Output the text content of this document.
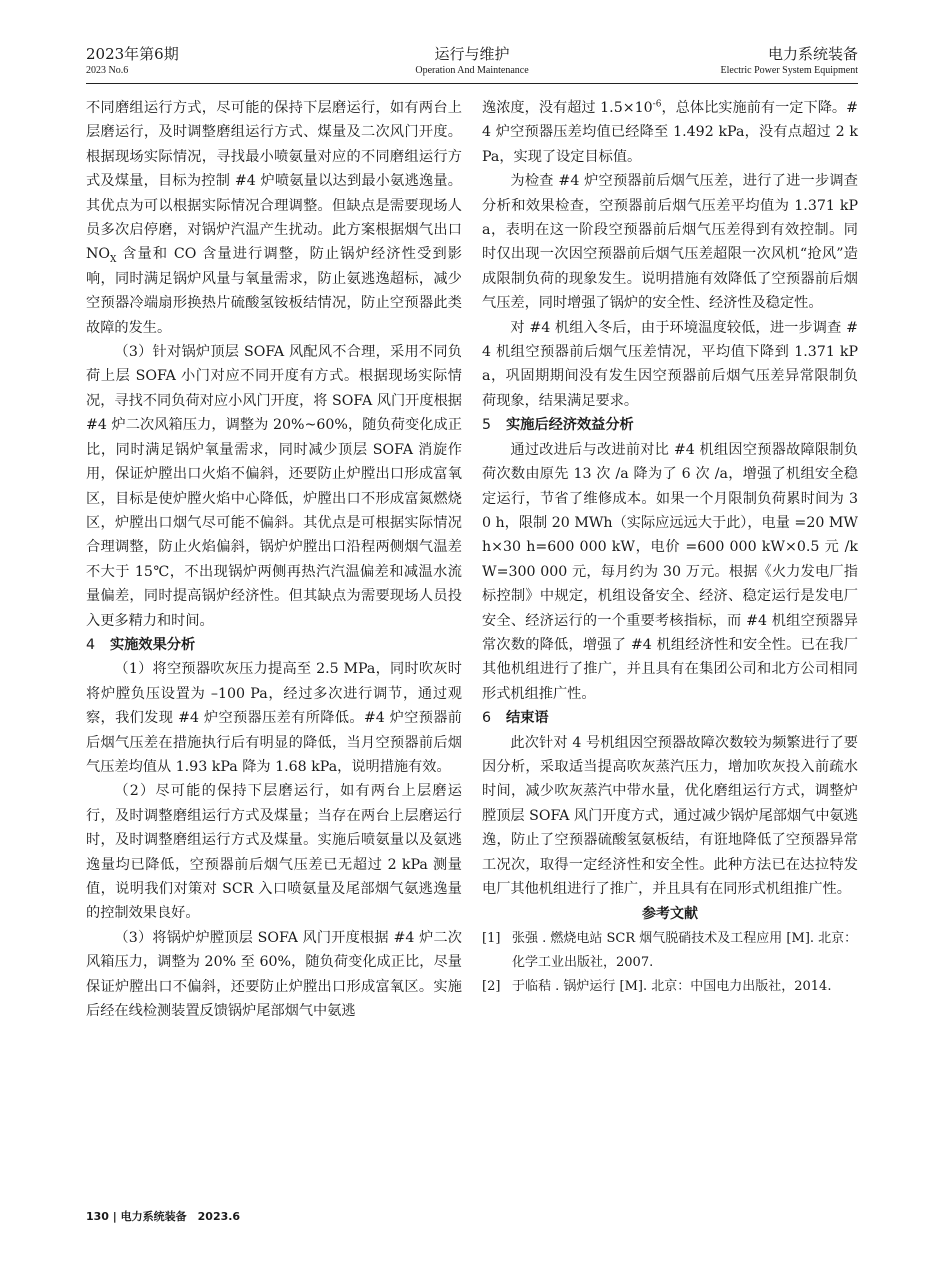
2023年第6期
2023 No.6
运行与维护
Operation And Maintenance
电力系统装备
Electric Power System Equipment

不同磨组运行方式，尽可能的保持下层磨运行，如有两台上层磨运行，及时调整磨组运行方式、煤量及二次风门开度。根据现场实际情况，寻找最小喷氨量对应的不同磨组运行方式及煤量，目标为控制 #4 炉喷氨量以达到最小氨逃逸量。其优点为可以根据实际情况合理调整。但缺点是需要现场人员多次启停磨，对锅炉汽温产生扰动。此方案根据烟气出口 $NO_X$ 含量和 CO 含量进行调整，防止锅炉经济性受到影响，同时满足锅炉风量与氧量需求，防止氨逃逸超标，减少空预器冷端扇形换热片硫酸氢铵板结情况，防止空预器此类故障的发生。

（3）针对锅炉顶层 SOFA 风配风不合理，采用不同负荷上层 SOFA 小门对应不同开度有方式。根据现场实际情况，寻找不同负荷对应小风门开度，将 SOFA 风门开度根据 #4 炉二次风箱压力，调整为 20%~60%，随负荷变化成正比，同时满足锅炉氧量需求，同时减少顶层 SOFA 消旋作用，保证炉膛出口火焰不偏斜，还要防止炉膛出口形成富氧区，目标是使炉膛火焰中心降低，炉膛出口不形成富氮燃烧区，炉膛出口烟气尽可能不偏斜。其优点是可根据实际情况合理调整，防止火焰偏斜，锅炉炉膛出口沿程两侧烟气温差不大于 15℃，不出现锅炉两侧再热汽汽温偏差和减温水流量偏差，同时提高锅炉经济性。但其缺点为需要现场人员投入更多精力和时间。

4 实施效果分析

（1）将空预器吹灰压力提高至 2.5 MPa，同时吹灰时将炉膛负压设置为 –100 Pa，经过多次进行调节，通过观察，我们发现 #4 炉空预器压差有所降低。#4 炉空预器前后烟气压差在措施执行后有明显的降低，当月空预器前后烟气压差均值从 1.93 kPa 降为 1.68 kPa，说明措施有效。

（2）尽可能的保持下层磨运行，如有两台上层磨运行，及时调整磨组运行方式及煤量；当存在两台上层磨运行时，及时调整磨组运行方式及煤量。实施后喷氨量以及氨逃逸量均已降低，空预器前后烟气压差已无超过 2 kPa 测量值，说明我们对策对 SCR 入口喷氨量及尾部烟气氨逃逸量的控制效果良好。

（3）将锅炉炉膛顶层 SOFA 风门开度根据 #4 炉二次风箱压力，调整为 20% 至 60%，随负荷变化成正比，尽量保证炉膛出口不偏斜，还要防止炉膛出口形成富氧区。实施后经在线检测装置反馈锅炉尾部烟气中氨逃

逸浓度，没有超过 $1.5\times 10^{-6}$，总体比实施前有一定下降。#4 炉空预器压差均值已经降至 1.492 kPa，没有点超过 2 kPa，实现了设定目标值。

为检查 #4 炉空预器前后烟气压差，进行了进一步调查分析和效果检查，空预器前后烟气压差平均值为 1.371 kPa，表明在这一阶段空预器前后烟气压差得到有效控制。同时仅出现一次因空预器前后烟气压差超限一次风机“抢风”造成限制负荷的现象发生。说明措施有效降低了空预器前后烟气压差，同时增强了锅炉的安全性、经济性及稳定性。

对 #4 机组入冬后，由于环境温度较低，进一步调查 #4 机组空预器前后烟气压差情况，平均值下降到 1.371 kPa，巩固期期间没有发生因空预器前后烟气压差异常限制负荷现象，结果满足要求。

5 实施后经济效益分析

通过改进后与改进前对比 #4 机组因空预器故障限制负荷次数由原先 13 次 /a 降为了 6 次 /a，增强了机组安全稳定运行，节省了维修成本。如果一个月限制负荷累时间为 30 h，限制 20 MWh（实际应远远大于此），电量 =20 MWh×30 h=600 000 kW，电价 =600 000 kW×0.5 元 /kW=300 000 元，每月约为 30 万元。根据《火力发电厂指标控制》中规定，机组设备安全、经济、稳定运行是发电厂安全、经济运行的一个重要考核指标，而 #4 机组空预器异常次数的降低，增强了 #4 机组经济性和安全性。已在我厂其他机组进行了推广，并且具有在集团公司和北方公司相同形式机组推广性。

6 结束语

此次针对 4 号机组因空预器故障次数较为频繁进行了要因分析，采取适当提高吹灰蒸汽压力，增加吹灰投入前疏水时间，减少吹灰蒸汽中带水量，优化磨组运行方式，调整炉膛顶层 SOFA 风门开度方式，通过减少锅炉尾部烟气中氨逃逸，防止了空预器硫酸氢氨板结，有诳地降低了空预器异常工况次，取得一定经济性和安全性。此种方法已在达拉特发电厂其他机组进行了推广，并且具有在同形式机组推广性。

参考文献
[1] 张强 . 燃烧电站 SCR 烟气脱硝技术及工程应用 [M]. 北京：化学工业出版社，2007.
[2] 于临秸 . 锅炉运行 [M]. 北京：中国电力出版社，2014.
130 | 电力系统装备　2023.6
